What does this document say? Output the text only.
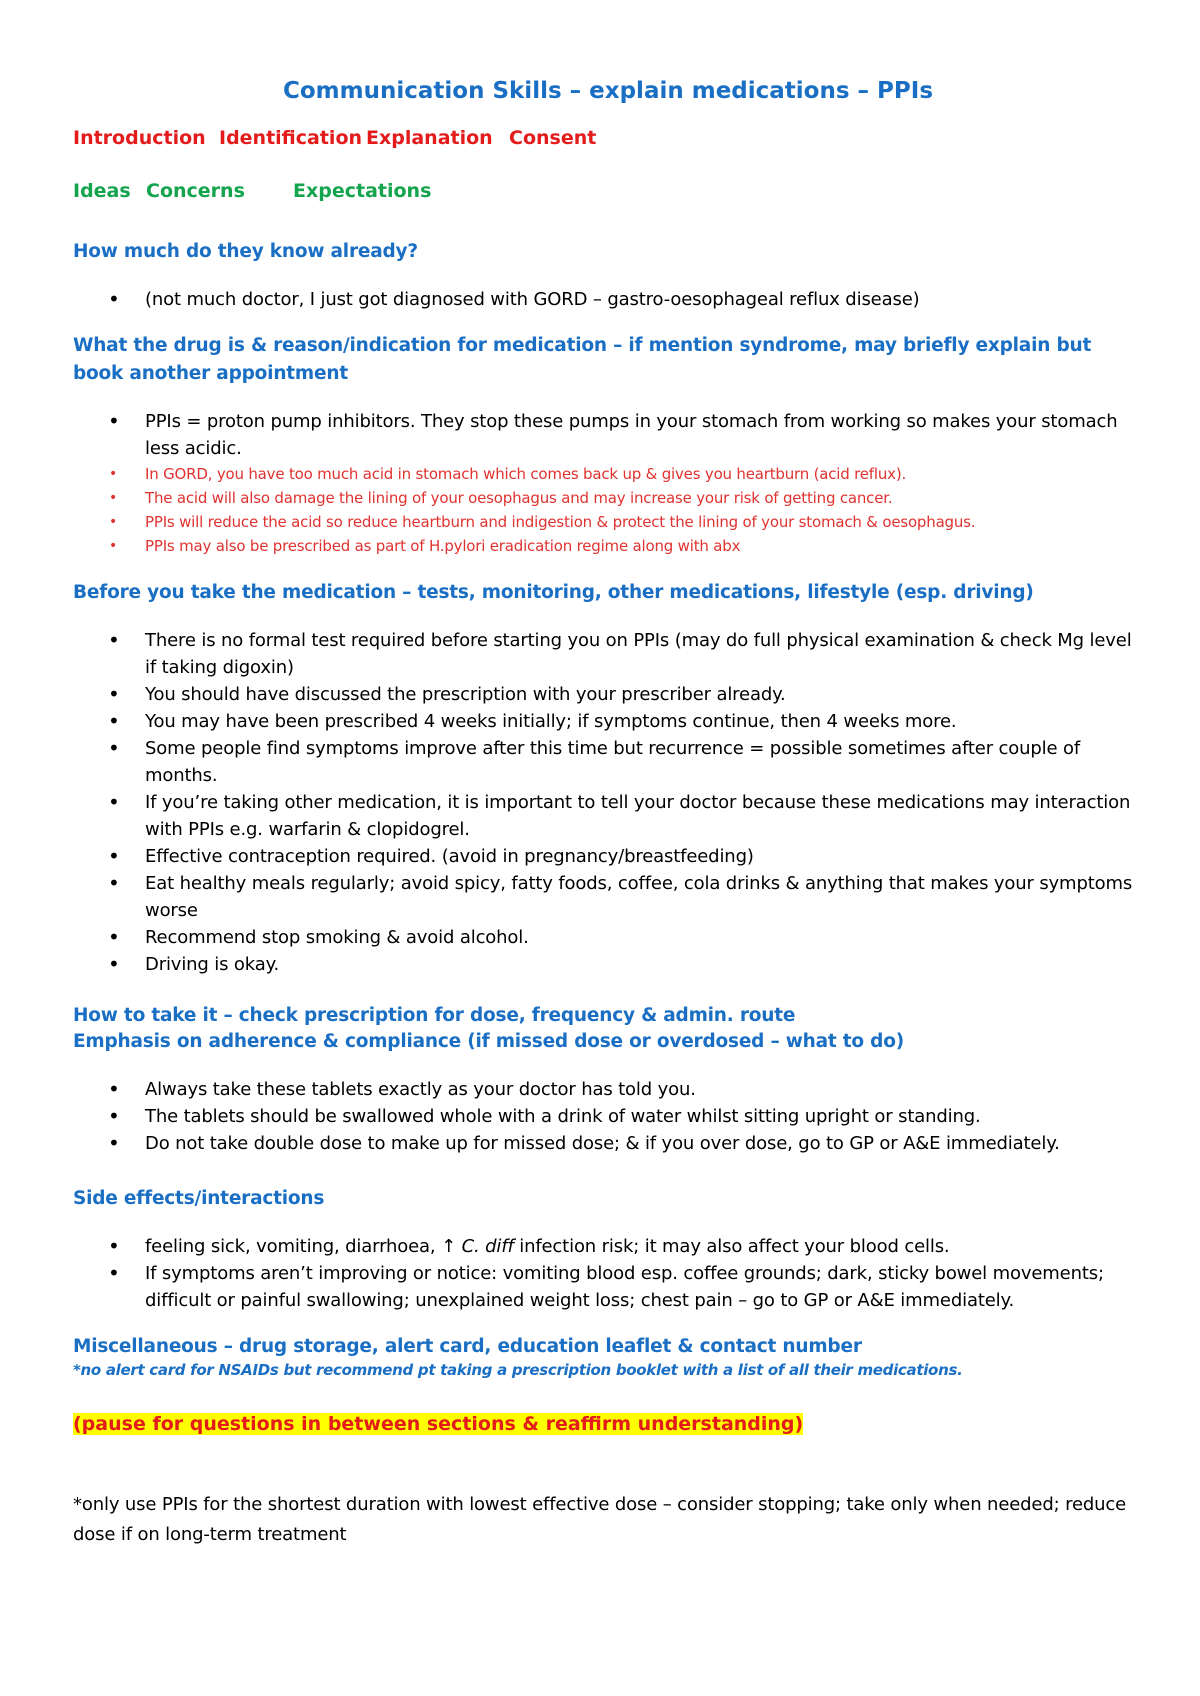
Communication Skills – explain medications – PPIs
Introduction Identification Explanation Consent
Ideas Concerns	Expectations
How much do they know already?
• (not much doctor, I just got diagnosed with GORD – gastro-oesophageal reflux disease)
What the drug is & reason/indication for medication – if mention syndrome, may briefly explain but book another appointment
• PPIs = proton pump inhibitors. They stop these pumps in your stomach from working so makes your stomach less acidic.
• In GORD, you have too much acid in stomach which comes back up & gives you heartburn (acid reflux).
• The acid will also damage the lining of your oesophagus and may increase your risk of getting cancer.
• PPIs will reduce the acid so reduce heartburn and indigestion & protect the lining of your stomach & oesophagus.
• PPIs may also be prescribed as part of H.pylori eradication regime along with abx
Before you take the medication – tests, monitoring, other medications, lifestyle (esp. driving)
• There is no formal test required before starting you on PPIs (may do full physical examination & check Mg level if taking digoxin)
• You should have discussed the prescription with your prescriber already.
• You may have been prescribed 4 weeks initially; if symptoms continue, then 4 weeks more.
• Some people find symptoms improve after this time but recurrence = possible sometimes after couple of months.
• If you’re taking other medication, it is important to tell your doctor because these medications may interaction with PPIs e.g. warfarin & clopidogrel.
• Effective contraception required. (avoid in pregnancy/breastfeeding)
• Eat healthy meals regularly; avoid spicy, fatty foods, coffee, cola drinks & anything that makes your symptoms worse
• Recommend stop smoking & avoid alcohol.
• Driving is okay.
How to take it – check prescription for dose, frequency & admin. route
Emphasis on adherence & compliance (if missed dose or overdosed – what to do)
• Always take these tablets exactly as your doctor has told you.
• The tablets should be swallowed whole with a drink of water whilst sitting upright or standing.
• Do not take double dose to make up for missed dose; & if you over dose, go to GP or A&E immediately.
Side effects/interactions
• feeling sick, vomiting, diarrhoea, ↑ C. diff infection risk; it may also affect your blood cells.
• If symptoms aren’t improving or notice: vomiting blood esp. coffee grounds; dark, sticky bowel movements; difficult or painful swallowing; unexplained weight loss; chest pain – go to GP or A&E immediately.
Miscellaneous – drug storage, alert card, education leaflet & contact number
*no alert card for NSAIDs but recommend pt taking a prescription booklet with a list of all their medications.
(pause for questions in between sections & reaffirm understanding)
*only use PPIs for the shortest duration with lowest effective dose – consider stopping; take only when needed; reduce dose if on long-term treatment
